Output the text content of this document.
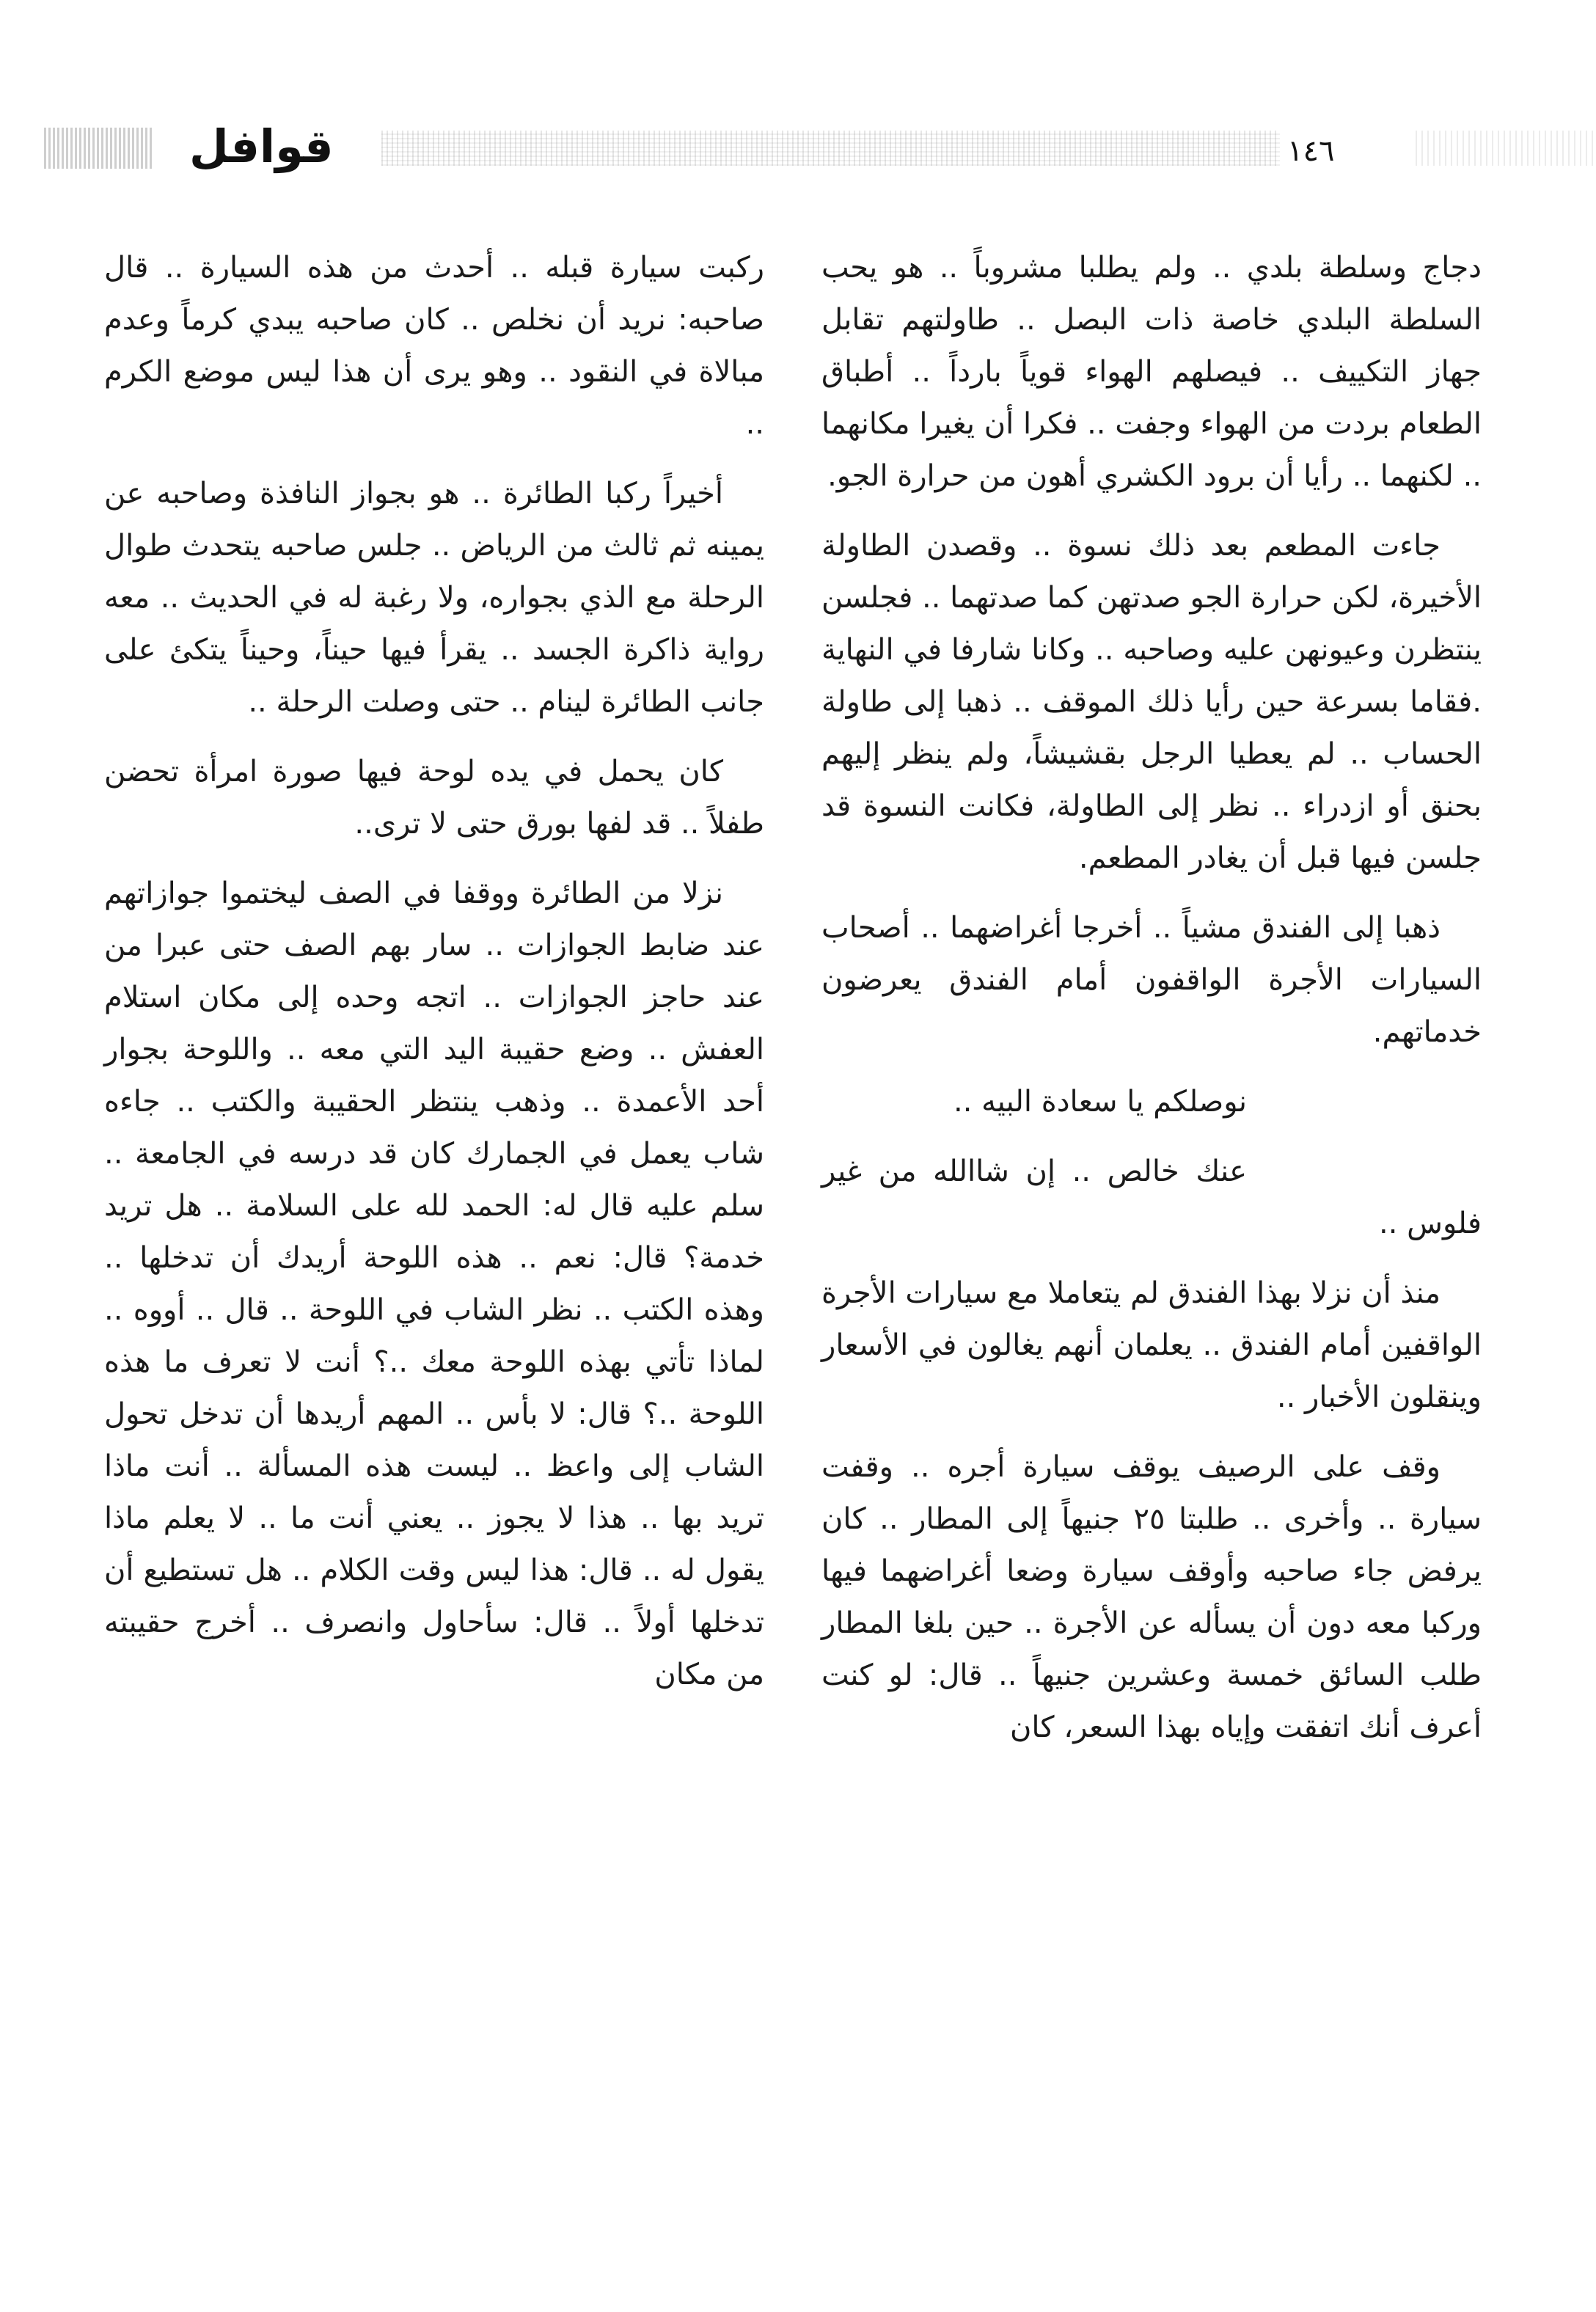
قوافل	١٤٦

دجاج وسلطة بلدي .. ولم يطلبا مشروباً .. هو يحب السلطة البلدي خاصة ذات البصل .. طاولتهم تقابل جهاز التكييف .. فيصلهم الهواء قوياً بارداً .. أطباق الطعام بردت من الهواء وجفت .. فكرا أن يغيرا مكانهما .. لكنهما .. رأيا أن برود الكشري أهون من حرارة الجو.

جاءت المطعم بعد ذلك نسوة .. وقصدن الطاولة الأخيرة، لكن حرارة الجو صدتهن كما صدتهما .. فجلسن ينتظرن وعيونهن عليه وصاحبه .. وكانا شارفا في النهاية .فقاما بسرعة حين رأيا ذلك الموقف .. ذهبا إلى طاولة الحساب .. لم يعطيا الرجل بقشيشاً، ولم ينظر إليهم بحنق أو ازدراء .. نظر إلى الطاولة، فكانت النسوة قد جلسن فيها قبل أن يغادر المطعم.

ذهبا إلى الفندق مشياً .. أخرجا أغراضهما .. أصحاب السيارات الأجرة الواقفون أمام الفندق يعرضون خدماتهم.

نوصلكم يا سعادة البيه ..

عنك خالص .. إن شاالله من غير فلوس ..

منذ أن نزلا بهذا الفندق لم يتعاملا مع سيارات الأجرة الواقفين أمام الفندق .. يعلمان أنهم يغالون في الأسعار وينقلون الأخبار ..

وقف على الرصيف يوقف سيارة أجره .. وقفت سيارة .. وأخرى .. طلبتا ٢٥ جنيهاً إلى المطار .. كان يرفض جاء صاحبه وأوقف سيارة وضعا أغراضهما فيها وركبا معه دون أن يسأله عن الأجرة .. حين بلغا المطار طلب السائق خمسة وعشرين جنيهاً .. قال: لو كنت أعرف أنك اتفقت وإياه بهذا السعر، كان

ركبت سيارة قبله .. أحدث من هذه السيارة .. قال صاحبه: نريد أن نخلص .. كان صاحبه يبدي كرماً وعدم مبالاة في النقود .. وهو يرى أن هذا ليس موضع الكرم ..

أخيراً ركبا الطائرة .. هو بجواز النافذة وصاحبه عن يمينه ثم ثالث من الرياض .. جلس صاحبه يتحدث طوال الرحلة مع الذي بجواره، ولا رغبة له في الحديث .. معه رواية ذاكرة الجسد .. يقرأ فيها حيناً، وحيناً يتكئ على جانب الطائرة لينام .. حتى وصلت الرحلة ..

كان يحمل في يده لوحة فيها صورة امرأة تحضن طفلاً .. قد لفها بورق حتى لا ترى..

نزلا من الطائرة ووقفا في الصف ليختموا جوازاتهم عند ضابط الجوازات .. سار بهم الصف حتى عبرا من عند حاجز الجوازات .. اتجه وحده إلى مكان استلام العفش .. وضع حقيبة اليد التي معه .. واللوحة بجوار أحد الأعمدة .. وذهب ينتظر الحقيبة والكتب .. جاءه شاب يعمل في الجمارك كان قد درسه في الجامعة .. سلم عليه قال له: الحمد لله على السلامة .. هل تريد خدمة؟ قال: نعم .. هذه اللوحة أريدك أن تدخلها .. وهذه الكتب .. نظر الشاب في اللوحة .. قال .. أووه .. لماذا تأتي بهذه اللوحة معك ..؟ أنت لا تعرف ما هذه اللوحة ..؟ قال: لا بأس .. المهم أريدها أن تدخل تحول الشاب إلى واعظ .. ليست هذه المسألة .. أنت ماذا تريد بها .. هذا لا يجوز .. يعني أنت ما .. لا يعلم ماذا يقول له .. قال: هذا ليس وقت الكلام .. هل تستطيع أن تدخلها أولاً .. قال: سأحاول وانصرف .. أخرج حقيبته من مكان
